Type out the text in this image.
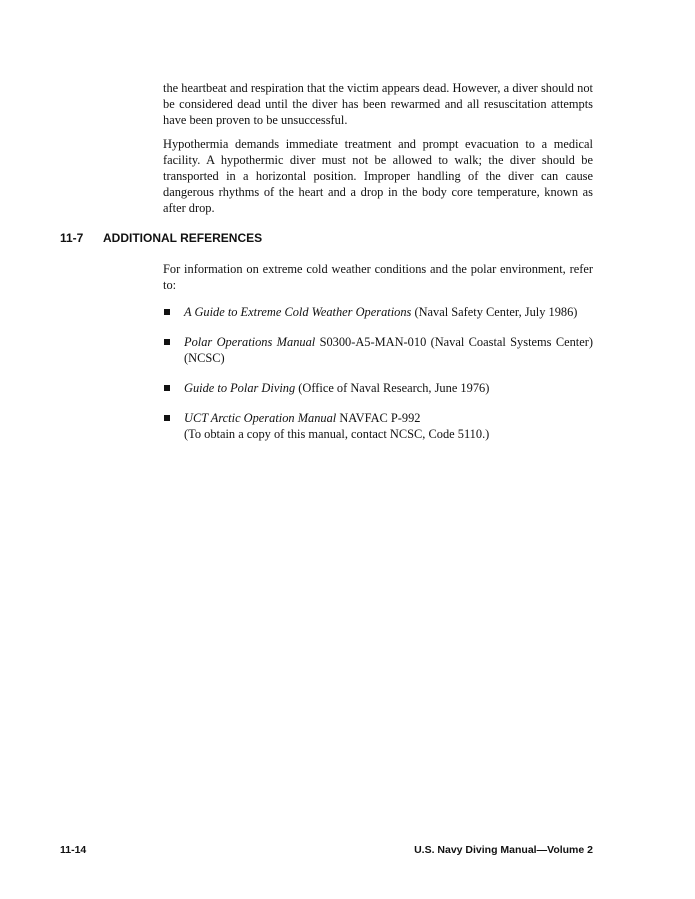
the heartbeat and respiration that the victim appears dead. However, a diver should not be considered dead until the diver has been rewarmed and all resuscitation attempts have been proven to be unsuccessful.

Hypothermia demands immediate treatment and prompt evacuation to a medical facility. A hypothermic diver must not be allowed to walk; the diver should be transported in a horizontal position. Improper handling of the diver can cause dangerous rhythms of the heart and a drop in the body core temperature, known as after drop.

11-7 ADDITIONAL REFERENCES

For information on extreme cold weather conditions and the polar environment, refer to:

A Guide to Extreme Cold Weather Operations (Naval Safety Center, July 1986)
Polar Operations Manual S0300-A5-MAN-010 (Naval Coastal Systems Center) (NCSC)
Guide to Polar Diving (Office of Naval Research, June 1976)
UCT Arctic Operation Manual NAVFAC P-992
(To obtain a copy of this manual, contact NCSC, Code 5110.)
11-14	U.S. Navy Diving Manual—Volume 2
